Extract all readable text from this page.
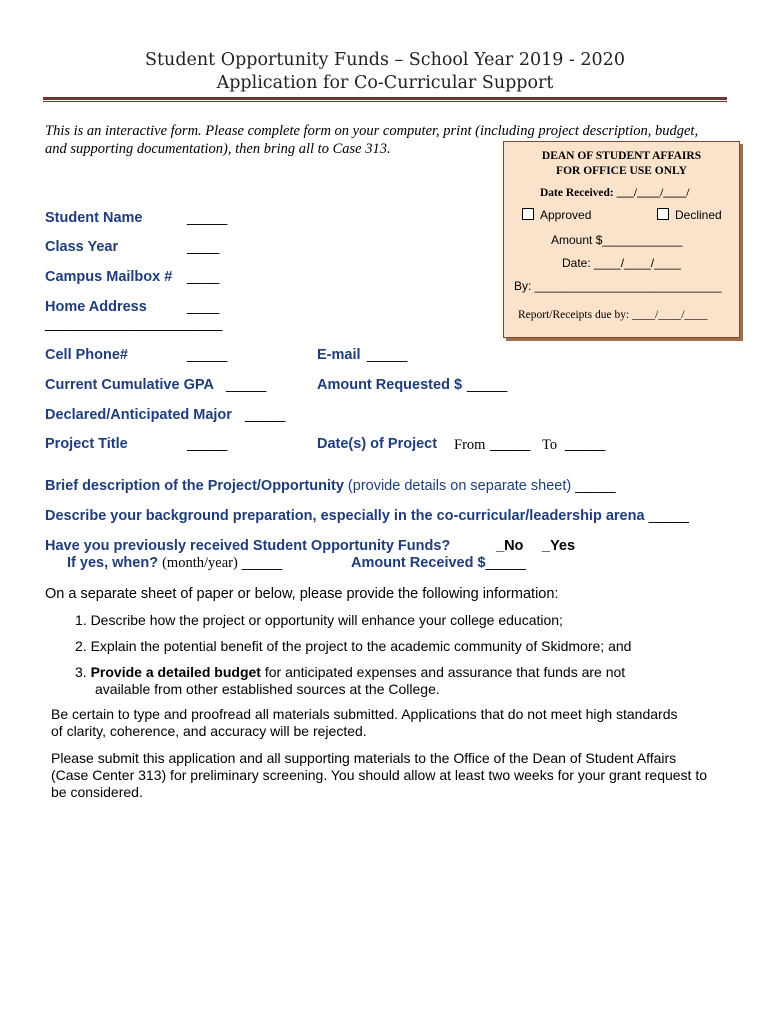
Student Opportunity Funds – School Year 2019 - 2020
Application for Co-Curricular Support
This is an interactive form. Please complete form on your computer, print (including project description, budget, and supporting documentation), then bring all to Case 313.	DEAN OF STUDENT AFFAIRS
FOR OFFICE USE ONLY
Date Received: ___/____/____/
Approved	Declined
Amount $____________
Date: ____/____/____
By: ____________________________
Report/Receipts due by: ____/____/____
Student Name	_____
Class Year	____
Campus Mailbox # ____
Home Address	____
______________________
Cell Phone#	_____	E-mail _____
Current Cumulative GPA _____	Amount Requested $ _____
Declared/Anticipated Major _____
Project Title	_____	Date(s) of Project From _____ To _____
Brief description of the Project/Opportunity (provide details on separate sheet) _____
Describe your background preparation, especially in the co-curricular/leadership arena _____
Have you previously received Student Opportunity Funds?	_No _Yes
If yes, when? (month/year) _____	Amount Received $_____
On a separate sheet of paper or below, please provide the following information:
1. Describe how the project or opportunity will enhance your college education;
2. Explain the potential benefit of the project to the academic community of Skidmore; and
3. Provide a detailed budget for anticipated expenses and assurance that funds are not
available from other established sources at the College.
Be certain to type and proofread all materials submitted. Applications that do not meet high standards of clarity, coherence, and accuracy will be rejected.
Please submit this application and all supporting materials to the Office of the Dean of Student Affairs (Case Center 313) for preliminary screening. You should allow at least two weeks for your grant request to be considered.
